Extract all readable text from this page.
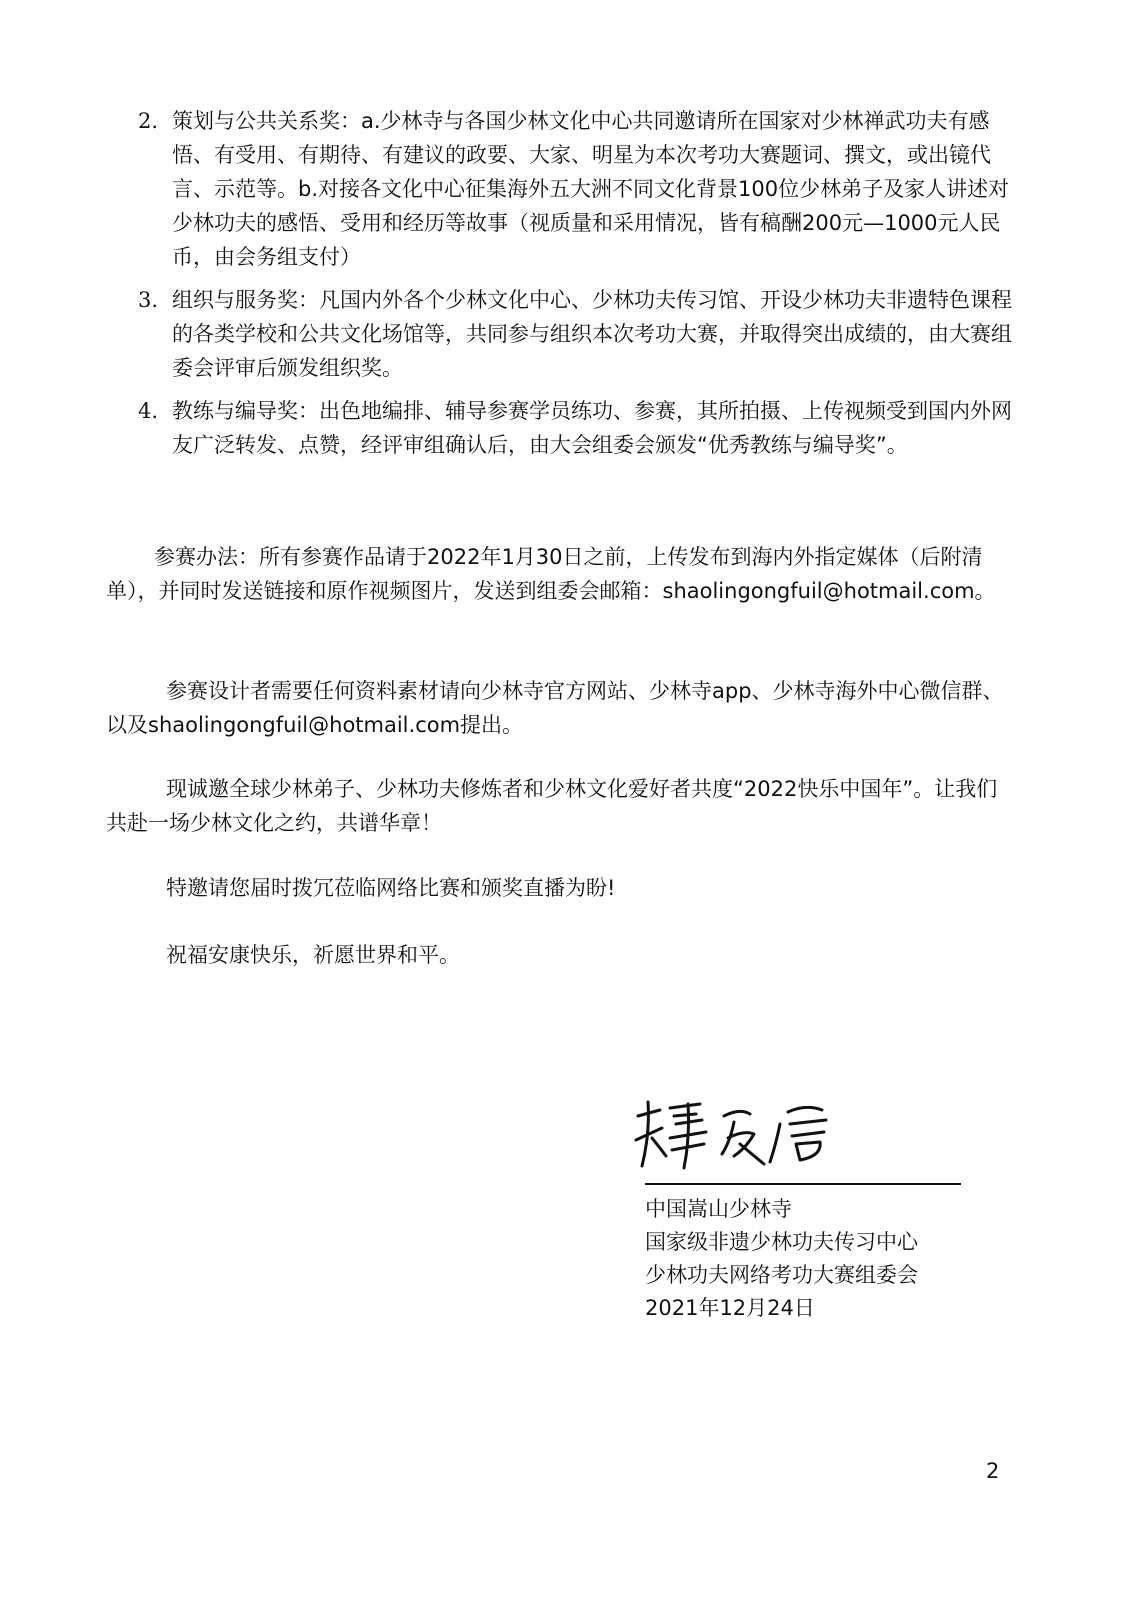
2. 策划与公共关系奖：a.少林寺与各国少林文化中心共同邀请所在国家对少林禅武功夫有感悟、有受用、有期待、有建议的政要、大家、明星为本次考功大赛题词、撰文，或出镜代言、示范等。b.对接各文化中心征集海外五大洲不同文化背景100位少林弟子及家人讲述对少林功夫的感悟、受用和经历等故事（视质量和采用情况，皆有稿酬200元—1000元人民币，由会务组支付）
3. 组织与服务奖：凡国内外各个少林文化中心、少林功夫传习馆、开设少林功夫非遗特色课程的各类学校和公共文化场馆等，共同参与组织本次考功大赛，并取得突出成绩的，由大赛组委会评审后颁发组织奖。
4. 教练与编导奖：出色地编排、辅导参赛学员练功、参赛，其所拍摄、上传视频受到国内外网友广泛转发、点赞，经评审组确认后，由大会组委会颁发“优秀教练与编导奖”。

参赛办法：所有参赛作品请于2022年1月30日之前，上传发布到海内外指定媒体（后附清单），并同时发送链接和原作视频图片，发送到组委会邮箱：shaolingongfuil@hotmail.com。

参赛设计者需要任何资料素材请向少林寺官方网站、少林寺app、少林寺海外中心微信群、以及shaolingongfuil@hotmail.com提出。

现诚邀全球少林弟子、少林功夫修炼者和少林文化爱好者共度“2022快乐中国年”。让我们共赴一场少林文化之约，共谱华章！

特邀请您届时拨冗莅临网络比赛和颁奖直播为盼!

祝福安康快乐，祈愿世界和平。

中国嵩山少林寺
国家级非遗少林功夫传习中心
少林功夫网络考功大赛组委会
2021年12月24日
2
